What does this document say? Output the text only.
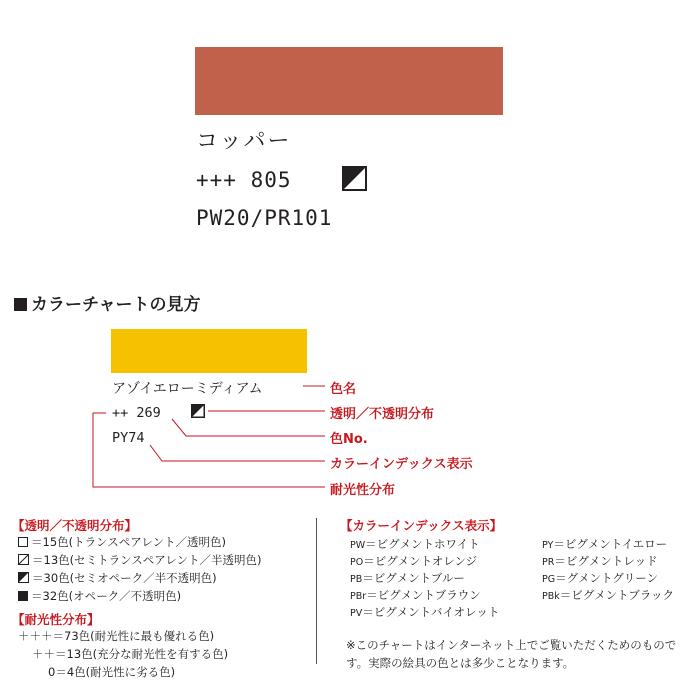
コッパー
+++ 805
PW20/PR101
カラーチャートの見方
アゾイエローミディアム
++ 269
PY74
色名
透明／不透明分布
色No.
カラーインデックス表示
耐光性分布
【透明／不透明分布】
＝15色(トランスペアレント／透明色)
＝13色(セミトランスペアレント／半透明色)
＝30色(セミオペーク／半不透明色)
＝32色(オペーク／不透明色)
【耐光性分布】
＋＋＋＝73色(耐光性に最も優れる色)
＋＋＝13色(充分な耐光性を有する色)
0＝4色(耐光性に劣る色)
【カラーインデックス表示】
PW＝ビグメントホワイト
PO＝ビグメントオレンジ
PB＝ビグメントブルー
PBr＝ビグメントブラウン
PV＝ビグメントバイオレット
PY＝ビグメントイエロー
PR＝ビグメントレッド
PG＝グメントグリーン
PBk＝ビグメントブラック
※このチャートはインターネット上でご覧いただくためのものです。実際の絵具の色とは多少ことなります。
